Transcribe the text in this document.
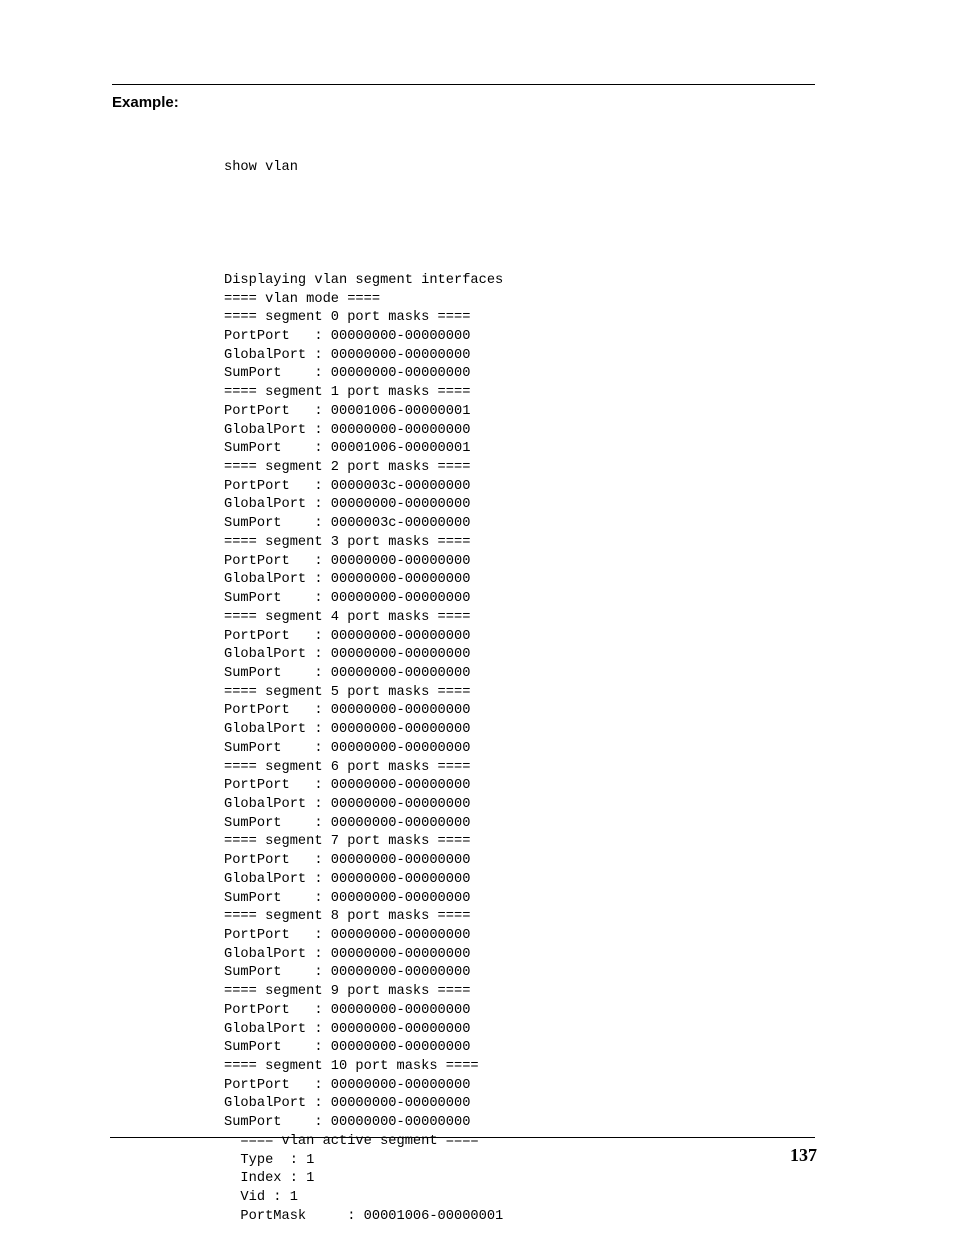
Example:

show vlan

Displaying vlan segment interfaces
==== vlan mode ====
==== segment 0 port masks ====
PortPort   : 00000000-00000000
GlobalPort : 00000000-00000000
SumPort    : 00000000-00000000
==== segment 1 port masks ====
PortPort   : 00001006-00000001
GlobalPort : 00000000-00000000
SumPort    : 00001006-00000001
==== segment 2 port masks ====
PortPort   : 0000003c-00000000
GlobalPort : 00000000-00000000
SumPort    : 0000003c-00000000
==== segment 3 port masks ====
PortPort   : 00000000-00000000
GlobalPort : 00000000-00000000
SumPort    : 00000000-00000000
==== segment 4 port masks ====
PortPort   : 00000000-00000000
GlobalPort : 00000000-00000000
SumPort    : 00000000-00000000
==== segment 5 port masks ====
PortPort   : 00000000-00000000
GlobalPort : 00000000-00000000
SumPort    : 00000000-00000000
==== segment 6 port masks ====
PortPort   : 00000000-00000000
GlobalPort : 00000000-00000000
SumPort    : 00000000-00000000
==== segment 7 port masks ====
PortPort   : 00000000-00000000
GlobalPort : 00000000-00000000
SumPort    : 00000000-00000000
==== segment 8 port masks ====
PortPort   : 00000000-00000000
GlobalPort : 00000000-00000000
SumPort    : 00000000-00000000
==== segment 9 port masks ====
PortPort   : 00000000-00000000
GlobalPort : 00000000-00000000
SumPort    : 00000000-00000000
==== segment 10 port masks ====
PortPort   : 00000000-00000000
GlobalPort : 00000000-00000000
SumPort    : 00000000-00000000
==== vlan active segment ====
Type  : 1
Index : 1
Vid : 1
PortMask     : 00001006-00000001

137
